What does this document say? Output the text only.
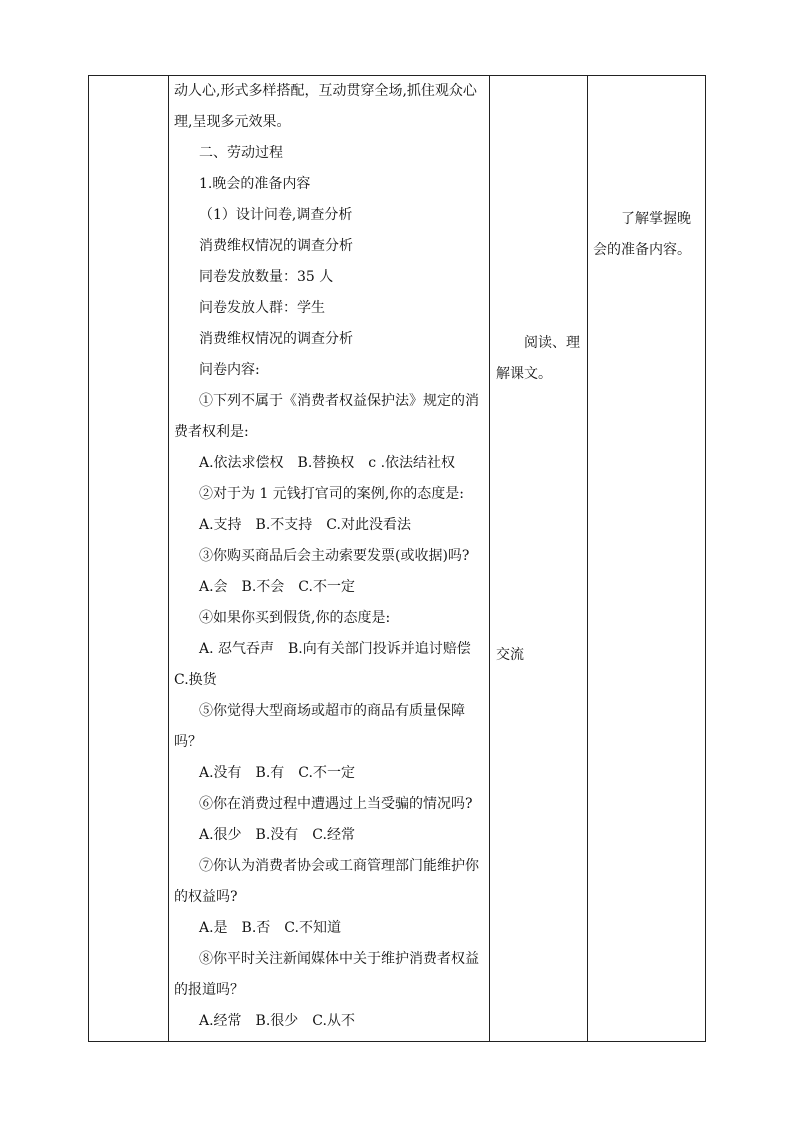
动人心,形式多样搭配，互动贯穿全场,抓住观众心
理,呈现多元效果。
二、劳动过程
1.晚会的准备内容
（1）设计问卷,调查分析
消费维权情况的调查分析
同卷发放数量：35 人
问卷发放人群：学生
消费维权情况的调查分析
问卷内容:
①下列不属于《消费者权益保护法》规定的消
费者权利是:
A.依法求偿权　B.替换权　c .依法结社权
②对于为 1 元钱打官司的案例,你的态度是:
A.支持　B.不支持　C.对此没看法
③你购买商品后会主动索要发票(或收据)吗?
A.会　B.不会　C.不一定
④如果你买到假货,你的态度是:
A. 忍气吞声　B.向有关部门投诉并追讨赔偿
C.换货
⑤你觉得大型商场或超市的商品有质量保障
吗？
A.没有　B.有　C.不一定
⑥你在消费过程中遭遇过上当受骗的情况吗?
A.很少　B.没有　C.经常
⑦你认为消费者协会或工商管理部门能维护你
的权益吗?
A.是　B.否　C.不知道
⑧你平时关注新闻媒体中关于维护消费者权益
的报道吗？
A.经常　B.很少　C.从不
阅读、理
解课文。
交流
了解掌握晚
会的准备内容。
